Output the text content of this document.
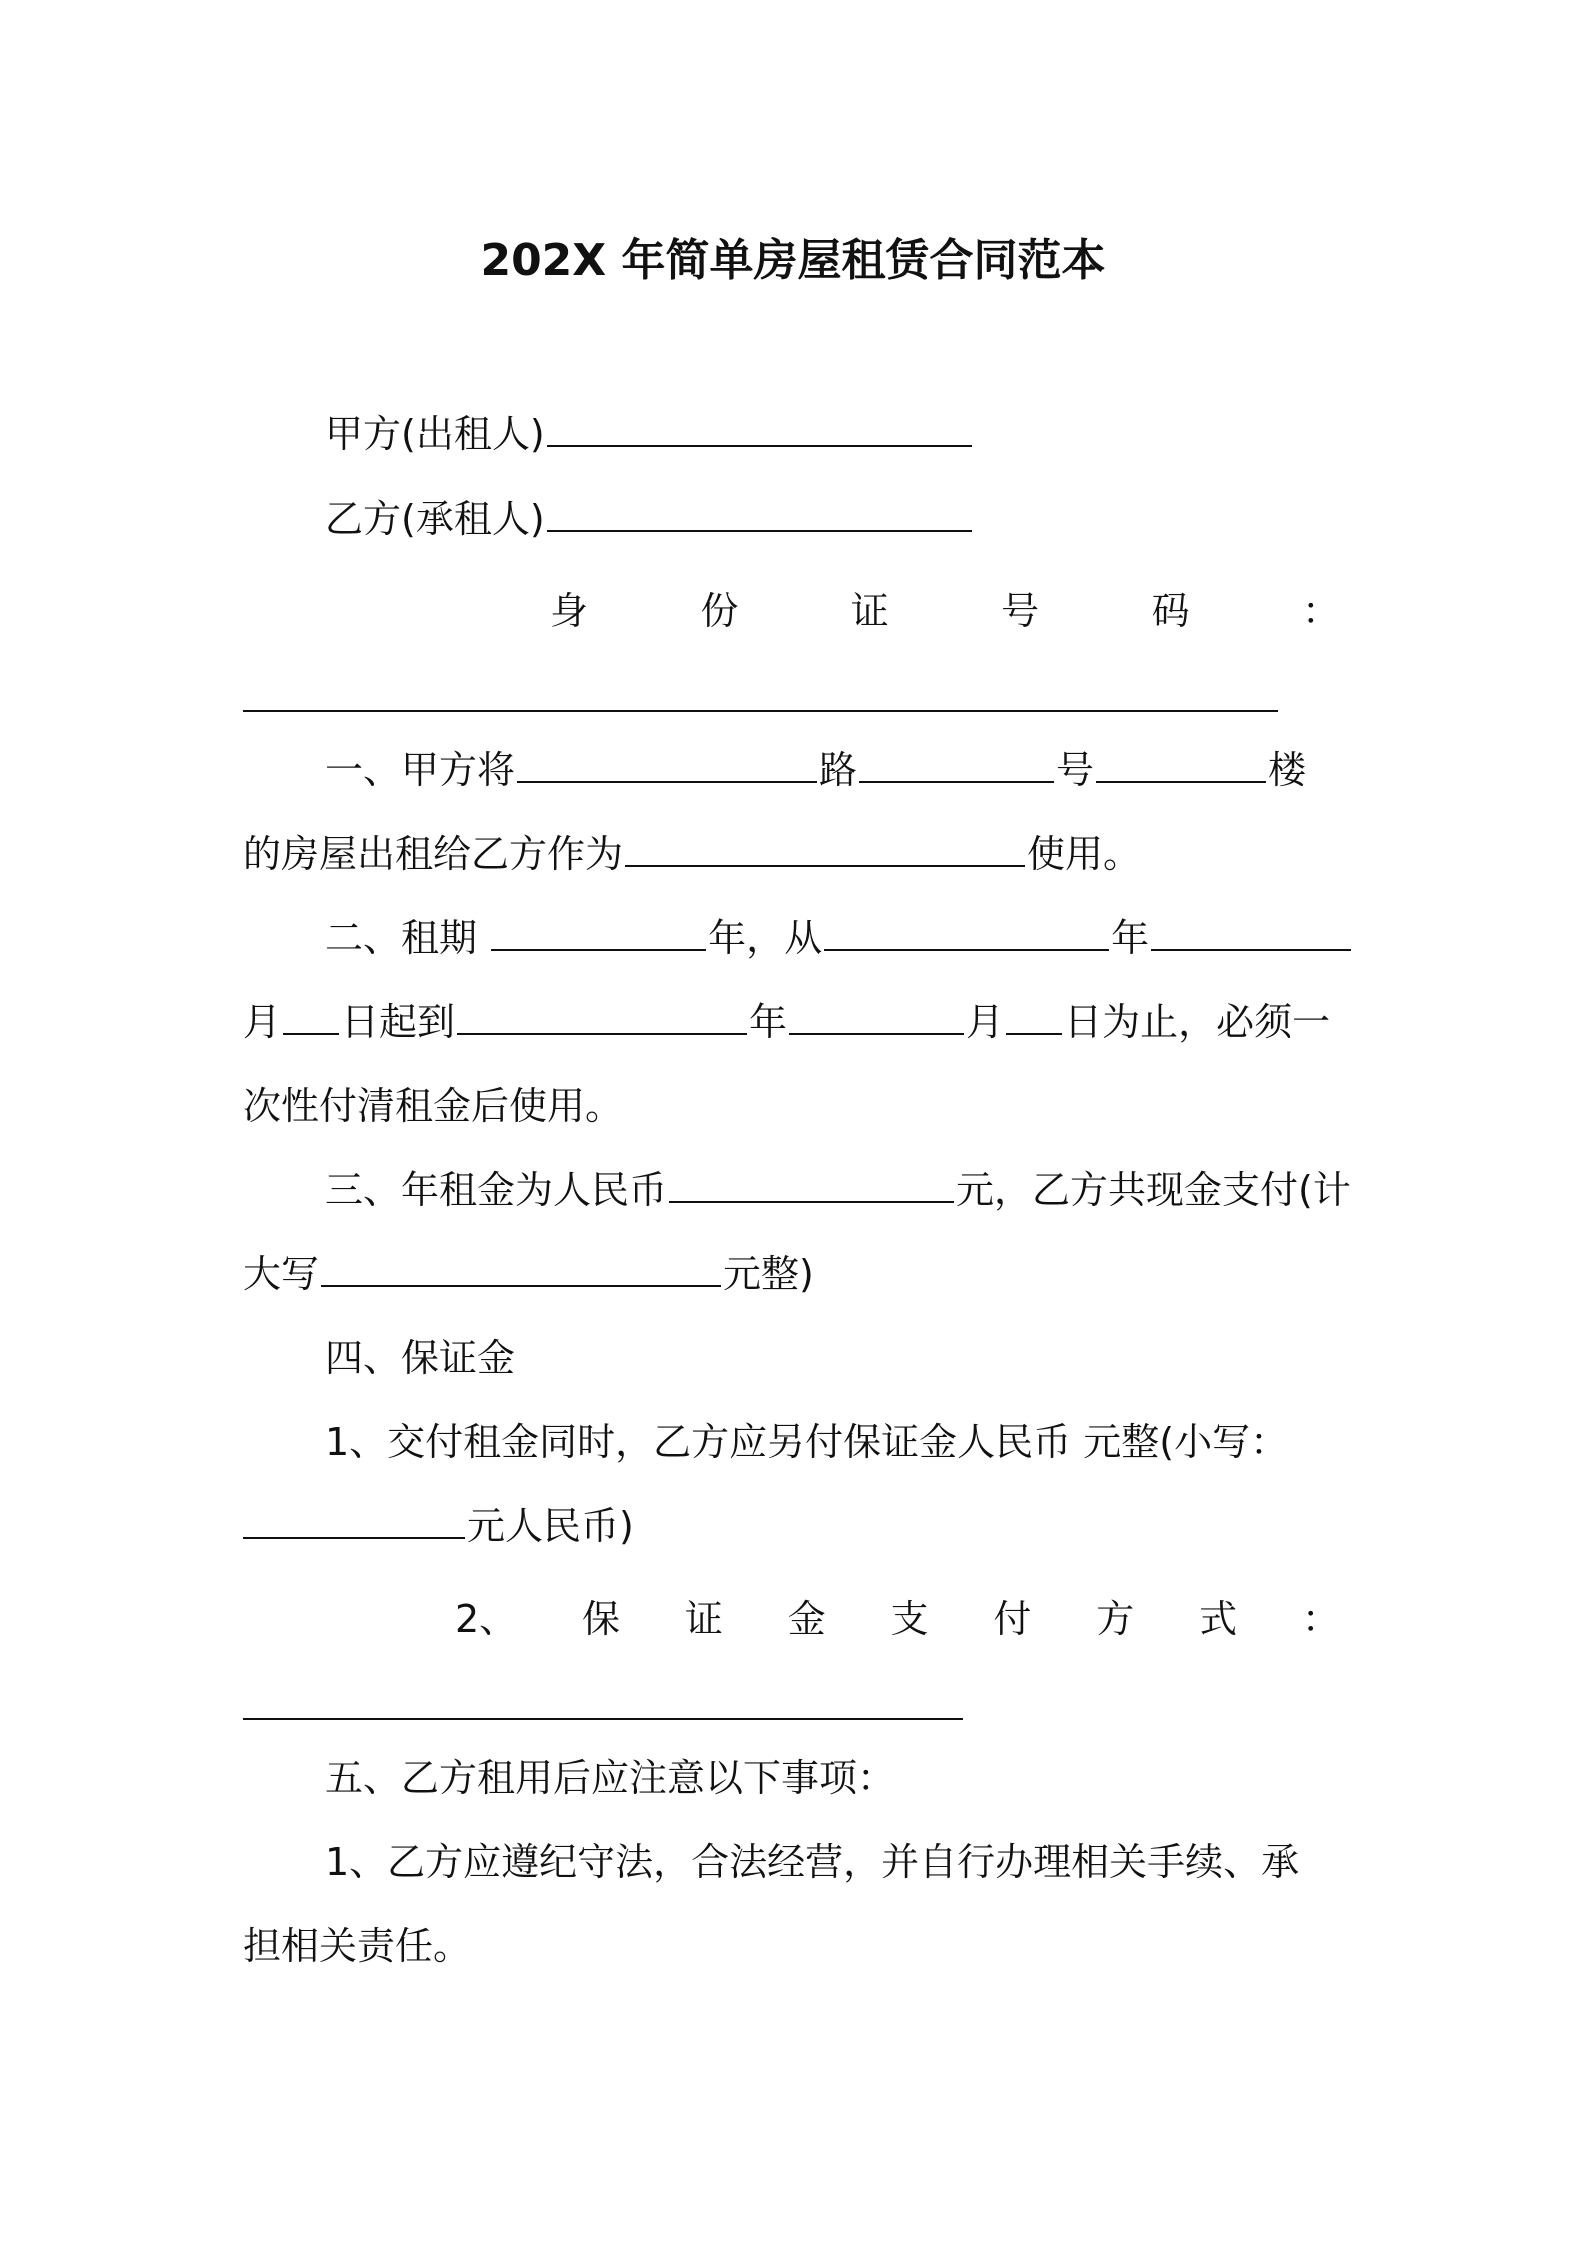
202X 年简单房屋租赁合同范本
甲方(出租人)
乙方(承租人)
身	份	证	号	码	：
一、甲方将	路	号	楼
的房屋出租给乙方作为	使用。
二、租期	年，从	年
月 日起到	年	月 日为止，必须一
次性付清租金后使用。
三、年租金为人民币	元，乙方共现金支付(计
大写	元整)
四、保证金
1、交付租金同时，乙方应另付保证金人民币 元整(小写：
元人民币)
2、 保 证 金 支 付 方 式 ：
五、乙方租用后应注意以下事项：
1、乙方应遵纪守法，合法经营，并自行办理相关手续、承
担相关责任。
